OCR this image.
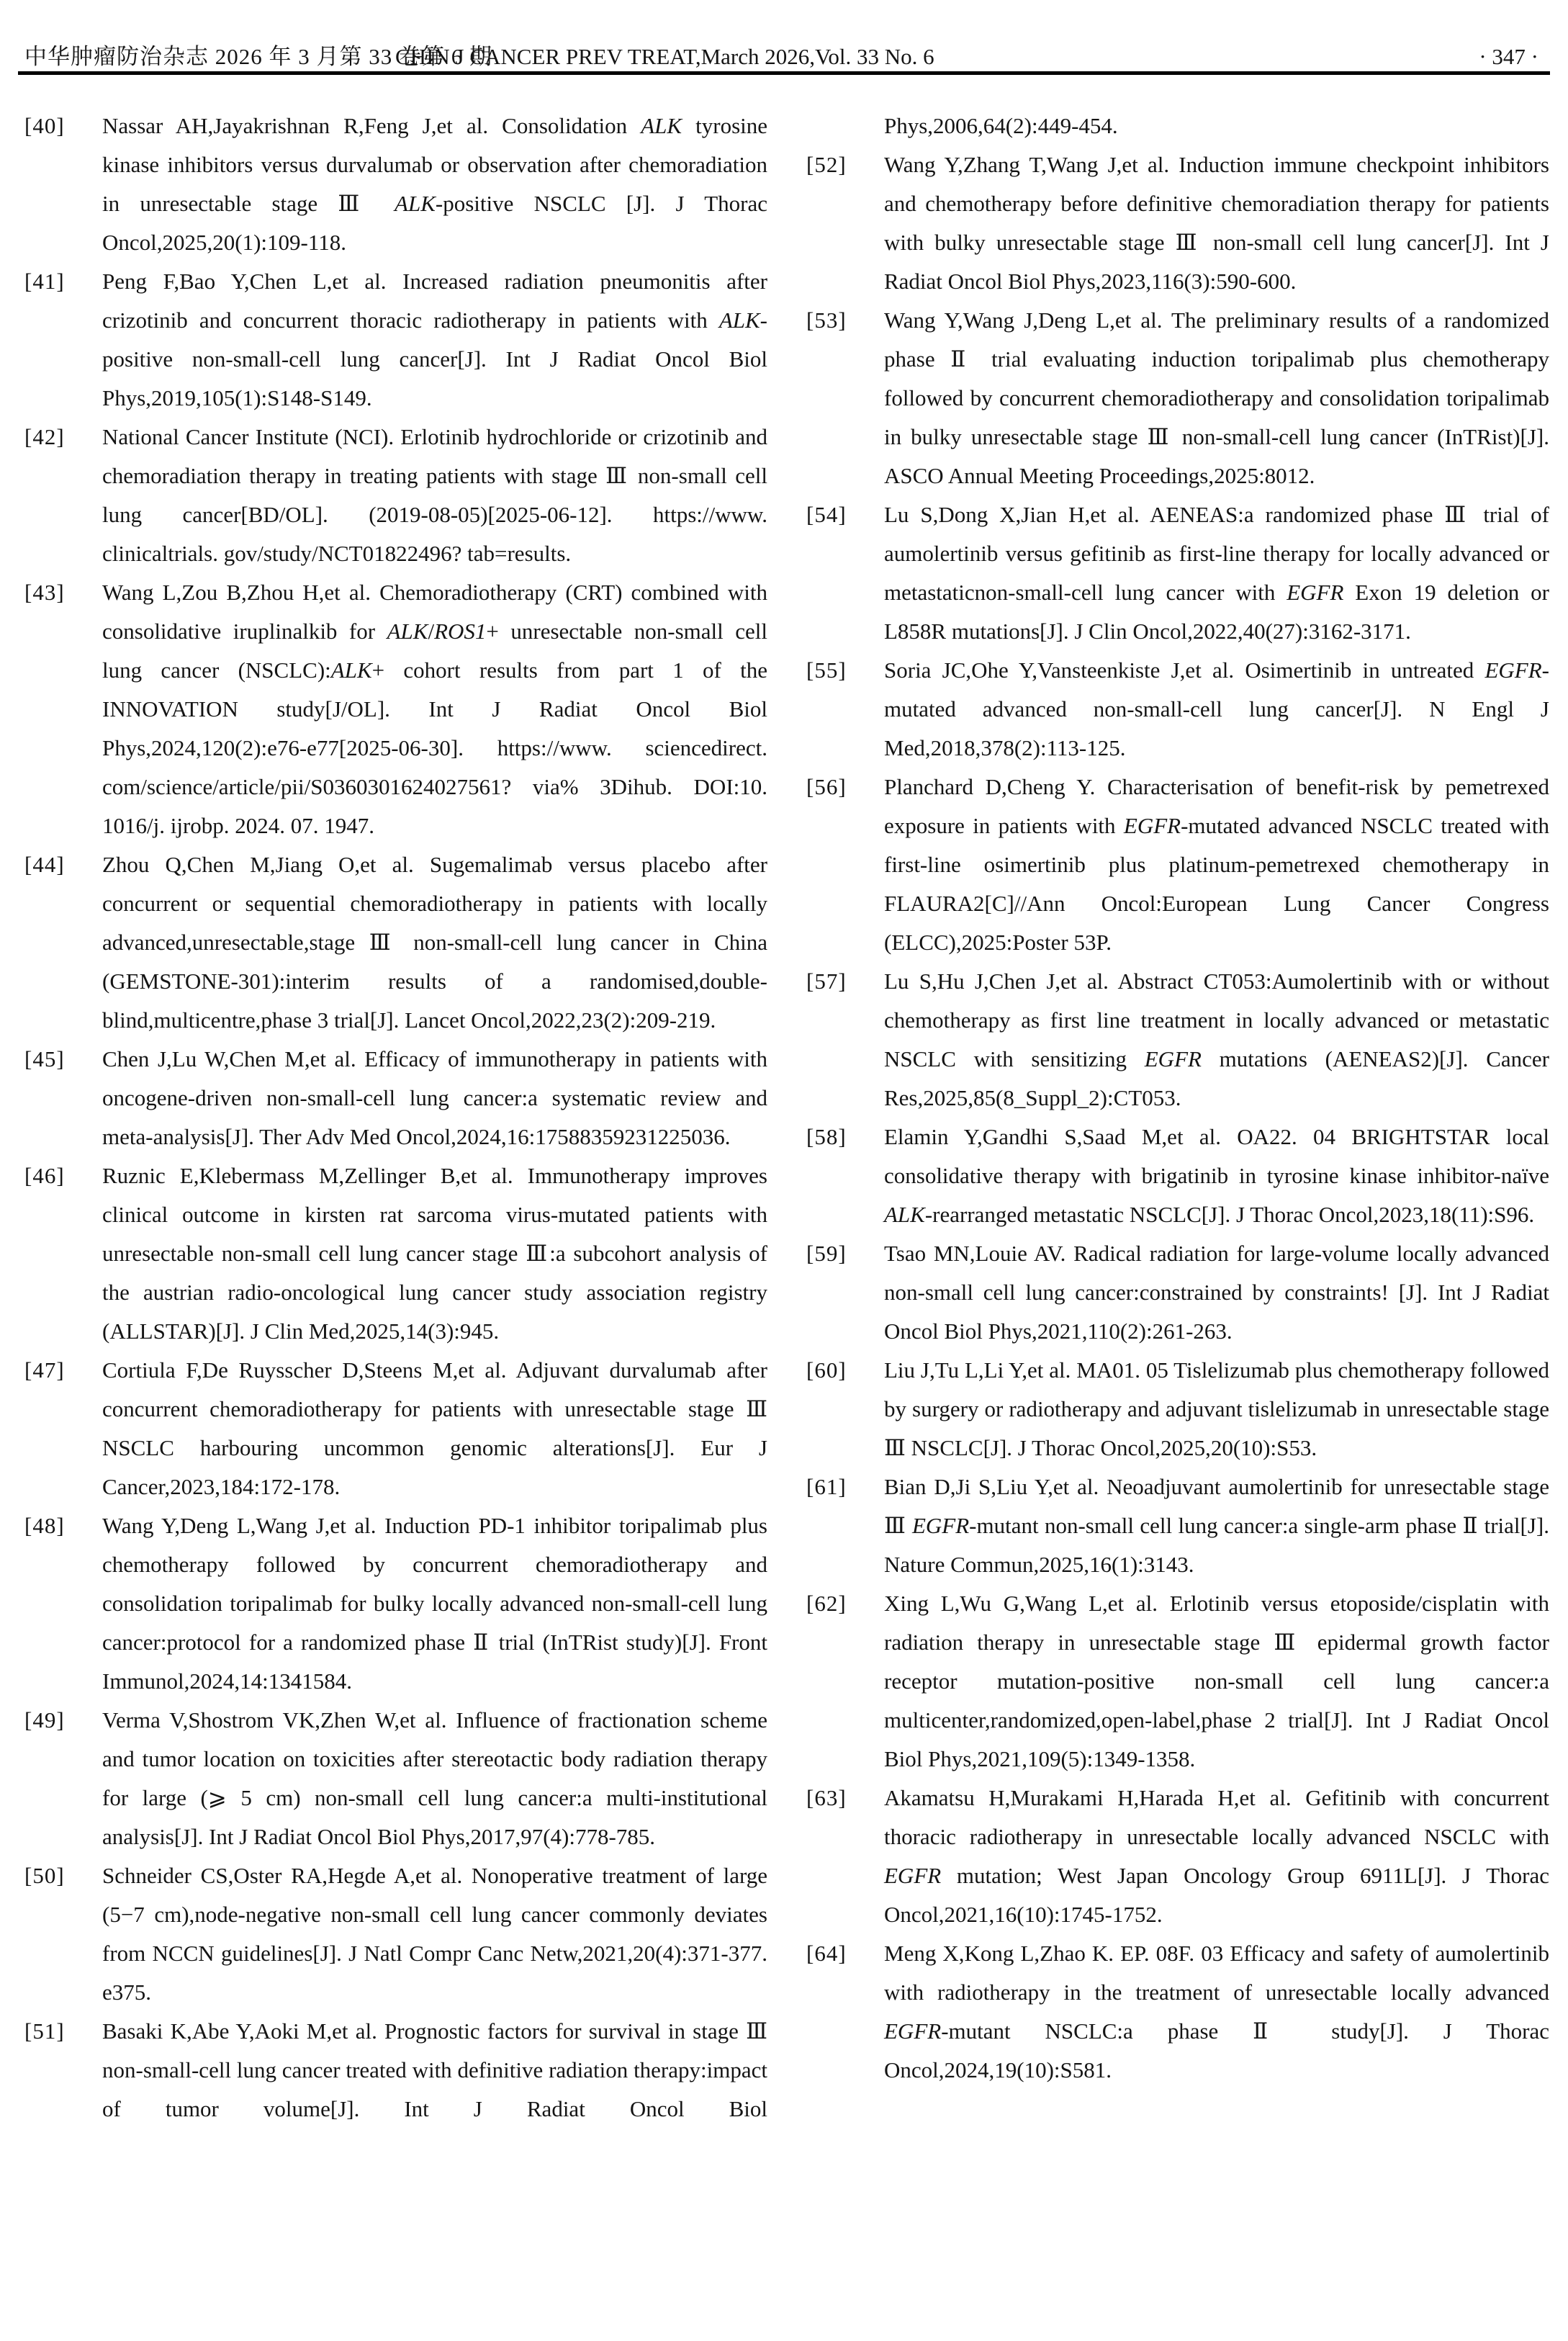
中华肿瘤防治杂志 2026 年 3 月第 33 卷第 6 期
CHIN J CANCER PREV TREAT,March 2026,Vol. 33 No. 6	· 347 ·
[40] Nassar AH,Jayakrishnan R,Feng J,et al. Consolidation ALK tyrosine kinase inhibitors versus durvalumab or observation after chemoradiation in unresectable stage Ⅲ ALK-positive NSCLC [J]. J Thorac Oncol,2025,20(1):109-118.
[41] Peng F,Bao Y,Chen L,et al. Increased radiation pneumonitis after crizotinib and concurrent thoracic radiotherapy in patients with ALK-positive non-small-cell lung cancer[J]. Int J Radiat Oncol Biol Phys,2019,105(1):S148-S149.
[42] National Cancer Institute (NCI). Erlotinib hydrochloride or crizotinib and chemoradiation therapy in treating patients with stage Ⅲ non-small cell lung cancer[BD/OL]. (2019-08-05)[2025-06-12]. https://www. clinicaltrials. gov/study/NCT01822496? tab=results.
[43] Wang L,Zou B,Zhou H,et al. Chemoradiotherapy (CRT) combined with consolidative iruplinalkib for ALK/ROS1+ unresectable non-small cell lung cancer (NSCLC):ALK+ cohort results from part 1 of the INNOVATION study[J/OL]. Int J Radiat Oncol Biol Phys,2024,120(2):e76-e77[2025-06-30]. https://www. sciencedirect. com/science/article/pii/S0360301624027561? via% 3Dihub. DOI:10. 1016/j. ijrobp. 2024. 07. 1947.
[44] Zhou Q,Chen M,Jiang O,et al. Sugemalimab versus placebo after concurrent or sequential chemoradiotherapy in patients with locally advanced,unresectable,stage Ⅲ non-small-cell lung cancer in China (GEMSTONE-301):interim results of a randomised,double-blind,multicentre,phase 3 trial[J]. Lancet Oncol,2022,23(2):209-219.
[45] Chen J,Lu W,Chen M,et al. Efficacy of immunotherapy in patients with oncogene-driven non-small-cell lung cancer:a systematic review and meta-analysis[J]. Ther Adv Med Oncol,2024,16:17588359231225036.
[46] Ruznic E,Klebermass M,Zellinger B,et al. Immunotherapy improves clinical outcome in kirsten rat sarcoma virus-mutated patients with unresectable non-small cell lung cancer stage Ⅲ:a subcohort analysis of the austrian radio-oncological lung cancer study association registry (ALLSTAR)[J]. J Clin Med,2025,14(3):945.
[47] Cortiula F,De Ruysscher D,Steens M,et al. Adjuvant durvalumab after concurrent chemoradiotherapy for patients with unresectable stage Ⅲ NSCLC harbouring uncommon genomic alterations[J]. Eur J Cancer,2023,184:172-178.
[48] Wang Y,Deng L,Wang J,et al. Induction PD-1 inhibitor toripalimab plus chemotherapy followed by concurrent chemoradiotherapy and consolidation toripalimab for bulky locally advanced non-small-cell lung cancer:protocol for a randomized phase Ⅱ trial (InTRist study)[J]. Front Immunol,2024,14:1341584.
[49] Verma V,Shostrom VK,Zhen W,et al. Influence of fractionation scheme and tumor location on toxicities after stereotactic body radiation therapy for large (⩾ 5 cm) non-small cell lung cancer:a multi-institutional analysis[J]. Int J Radiat Oncol Biol Phys,2017,97(4):778-785.
[50] Schneider CS,Oster RA,Hegde A,et al. Nonoperative treatment of large (5−7 cm),node-negative non-small cell lung cancer commonly deviates from NCCN guidelines[J]. J Natl Compr Canc Netw,2021,20(4):371-377. e375.
[51] Basaki K,Abe Y,Aoki M,et al. Prognostic factors for survival in stage Ⅲ non-small-cell lung cancer treated with definitive radiation therapy:impact of tumor volume[J]. Int J Radiat Oncol Biol
Phys,2006,64(2):449-454.
[52] Wang Y,Zhang T,Wang J,et al. Induction immune checkpoint inhibitors and chemotherapy before definitive chemoradiation therapy for patients with bulky unresectable stage Ⅲ non-small cell lung cancer[J]. Int J Radiat Oncol Biol Phys,2023,116(3):590-600.
[53] Wang Y,Wang J,Deng L,et al. The preliminary results of a randomized phase Ⅱ trial evaluating induction toripalimab plus chemotherapy followed by concurrent chemoradiotherapy and consolidation toripalimab in bulky unresectable stage Ⅲ non-small-cell lung cancer (InTRist)[J]. ASCO Annual Meeting Proceedings,2025:8012.
[54] Lu S,Dong X,Jian H,et al. AENEAS:a randomized phase Ⅲ trial of aumolertinib versus gefitinib as first-line therapy for locally advanced or metastaticnon-small-cell lung cancer with EGFR Exon 19 deletion or L858R mutations[J]. J Clin Oncol,2022,40(27):3162-3171.
[55] Soria JC,Ohe Y,Vansteenkiste J,et al. Osimertinib in untreated EGFR-mutated advanced non-small-cell lung cancer[J]. N Engl J Med,2018,378(2):113-125.
[56] Planchard D,Cheng Y. Characterisation of benefit-risk by pemetrexed exposure in patients with EGFR-mutated advanced NSCLC treated with first-line osimertinib plus platinum-pemetrexed chemotherapy in FLAURA2[C]//Ann Oncol:European Lung Cancer Congress (ELCC),2025:Poster 53P.
[57] Lu S,Hu J,Chen J,et al. Abstract CT053:Aumolertinib with or without chemotherapy as first line treatment in locally advanced or metastatic NSCLC with sensitizing EGFR mutations (AENEAS2)[J]. Cancer Res,2025,85(8_Suppl_2):CT053.
[58] Elamin Y,Gandhi S,Saad M,et al. OA22. 04 BRIGHTSTAR local consolidative therapy with brigatinib in tyrosine kinase inhibitor-naïve ALK-rearranged metastatic NSCLC[J]. J Thorac Oncol,2023,18(11):S96.
[59] Tsao MN,Louie AV. Radical radiation for large-volume locally advanced non-small cell lung cancer:constrained by constraints! [J]. Int J Radiat Oncol Biol Phys,2021,110(2):261-263.
[60] Liu J,Tu L,Li Y,et al. MA01. 05 Tislelizumab plus chemotherapy followed by surgery or radiotherapy and adjuvant tislelizumab in unresectable stage Ⅲ NSCLC[J]. J Thorac Oncol,2025,20(10):S53.
[61] Bian D,Ji S,Liu Y,et al. Neoadjuvant aumolertinib for unresectable stage Ⅲ EGFR-mutant non-small cell lung cancer:a single-arm phase Ⅱ trial[J]. Nature Commun,2025,16(1):3143.
[62] Xing L,Wu G,Wang L,et al. Erlotinib versus etoposide/cisplatin with radiation therapy in unresectable stage Ⅲ epidermal growth factor receptor mutation-positive non-small cell lung cancer:a multicenter,randomized,open-label,phase 2 trial[J]. Int J Radiat Oncol Biol Phys,2021,109(5):1349-1358.
[63] Akamatsu H,Murakami H,Harada H,et al. Gefitinib with concurrent thoracic radiotherapy in unresectable locally advanced NSCLC with EGFR mutation; West Japan Oncology Group 6911L[J]. J Thorac Oncol,2021,16(10):1745-1752.
[64] Meng X,Kong L,Zhao K. EP. 08F. 03 Efficacy and safety of aumolertinib with radiotherapy in the treatment of unresectable locally advanced EGFR-mutant NSCLC:a phase Ⅱ study[J]. J Thorac Oncol,2024,19(10):S581.
